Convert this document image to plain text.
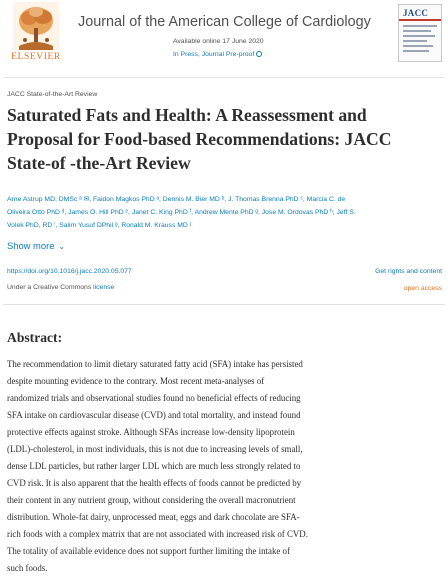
ELSEVIER
Journal of the American College of Cardiology
Available online 17 June 2020
In Press, Journal Pre-proof
JACC
JACC State-of-the-Art Review
Saturated Fats and Health: A Reassessment and
Proposal for Food-based Recommendations: JACC
State-of -the-Art Review
Arne Astrup MD, DMSc ᵃ ✉, Faidon Magkos PhD ᵃ, Dennis M. Bier MD ᵇ, J. Thomas Brenna PhD ᶜ, Marcia C. de
Oliveira Otto PhD ᵈ, James O. Hill PhD ᵉ, Janet C. King PhD ᶠ, Andrew Mente PhD ᵍ, Jose M. Ordovas PhD ʰ, Jeff S.
Volek PhD, RD ⁱ, Salim Yusuf DPhil ᵍ, Ronald M. Krauss MD ʲ
Show more ⌄
https://doi.org/10.1016/j.jacc.2020.05.077	Get rights and content
Under a Creative Commons license	open access
Abstract:
The recommendation to limit dietary saturated fatty acid (SFA) intake has persisted
despite mounting evidence to the contrary. Most recent meta-analyses of
randomized trials and observational studies found no beneficial effects of reducing
SFA intake on cardiovascular disease (CVD) and total mortality, and instead found
protective effects against stroke. Although SFAs increase low-density lipoprotein
(LDL)-cholesterol, in most individuals, this is not due to increasing levels of small,
dense LDL particles, but rather larger LDL which are much less strongly related to
CVD risk. It is also apparent that the health effects of foods cannot be predicted by
their content in any nutrient group, without considering the overall macronutrient
distribution. Whole-fat dairy, unprocessed meat, eggs and dark chocolate are SFA-
rich foods with a complex matrix that are not associated with increased risk of CVD.
The totality of available evidence does not support further limiting the intake of
such foods.
